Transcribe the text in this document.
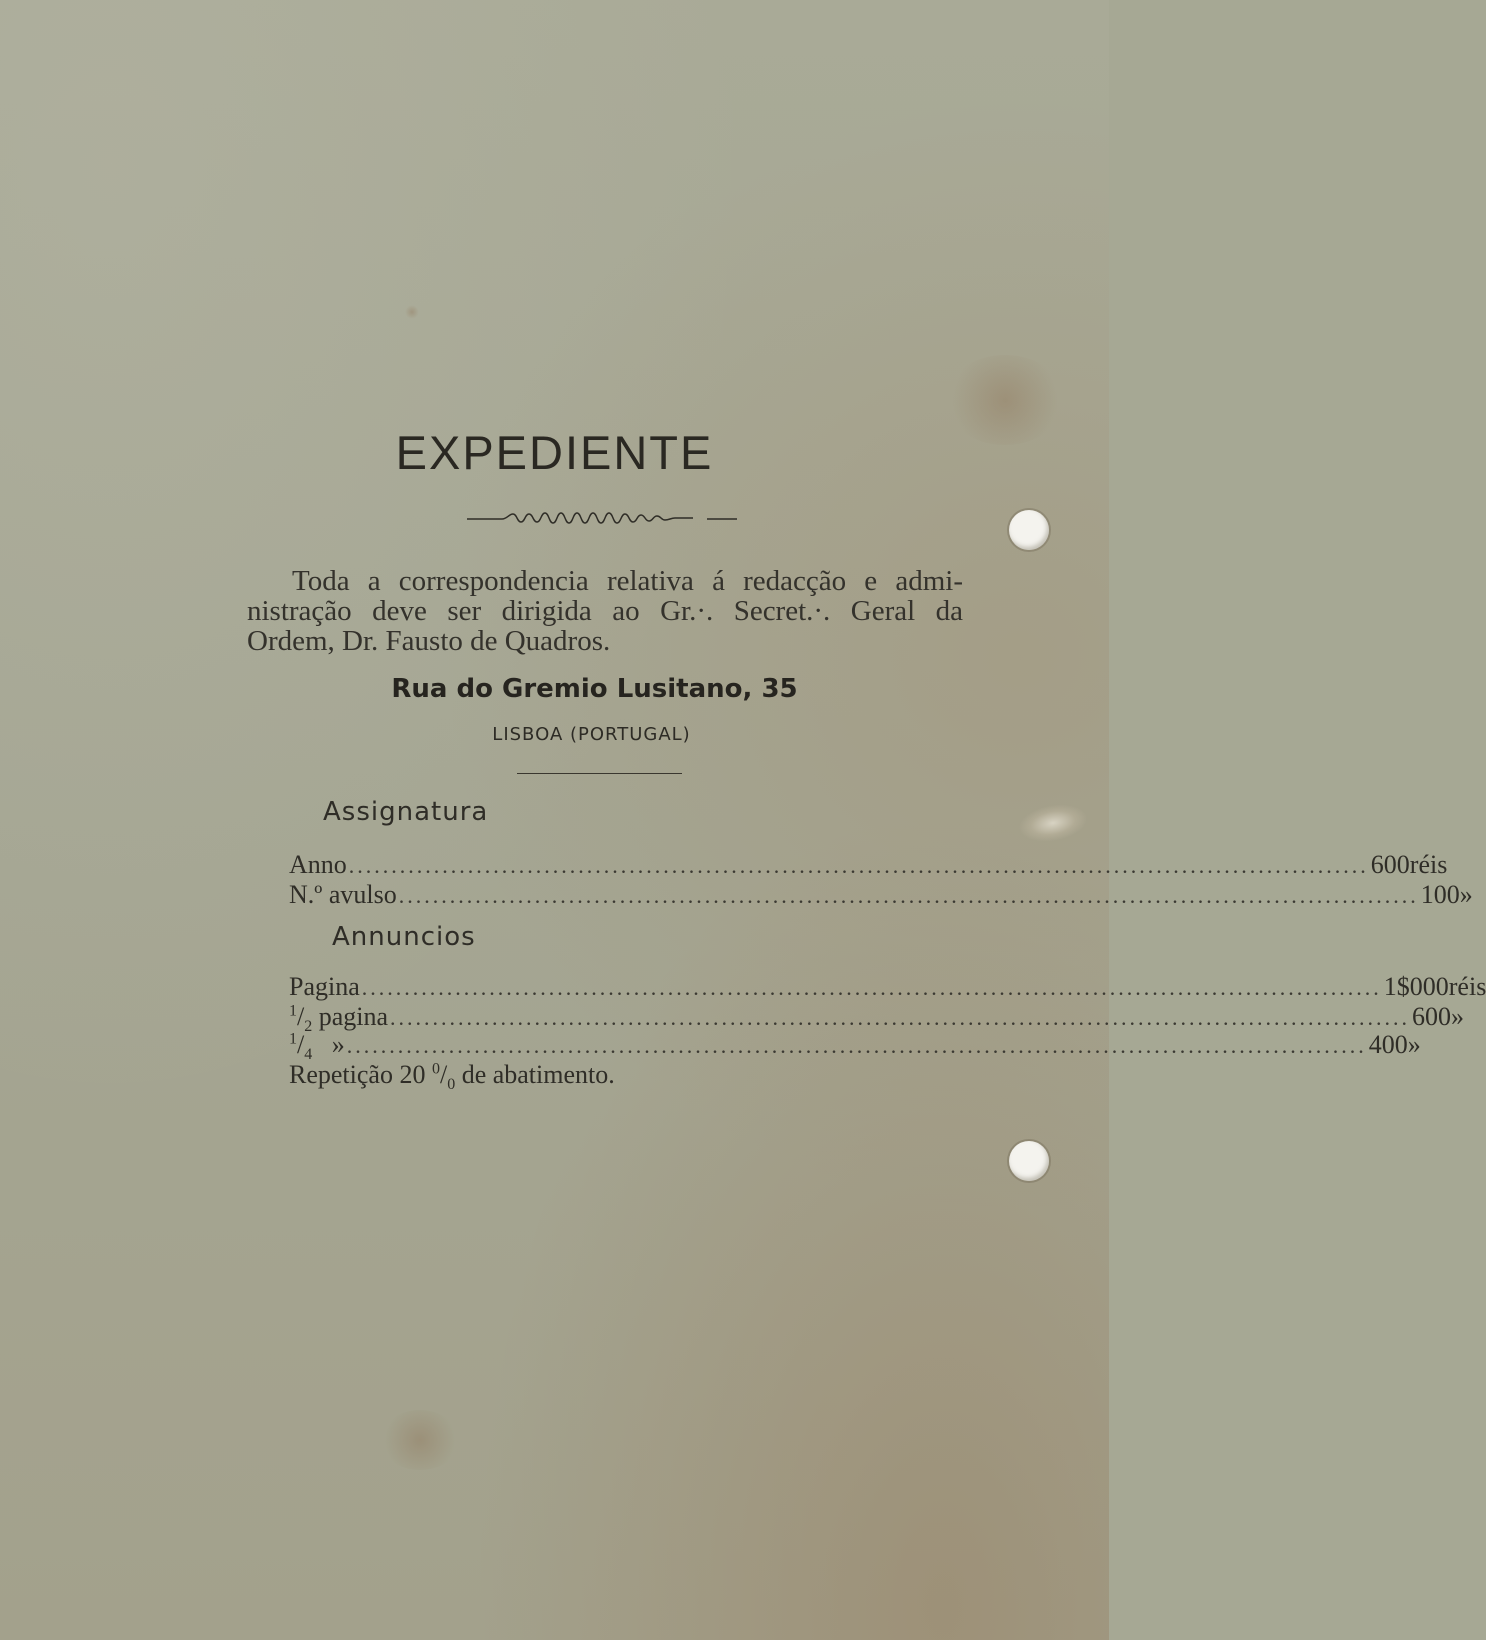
EXPEDIENTE

Toda a correspondencia relativa á redacção e admi-
nistração deve ser dirigida ao Gr.·. Secret.·. Geral da
Ordem, Dr. Fausto de Quadros.

Rua do Gremio Lusitano, 35
LISBOA (PORTUGAL)
Assignatura
Anno ........................................................................................................................ 600 réis
N.º avulso ........................................................................................................................ 100 »
Annuncios
Pagina ........................................................................................................................ 1$000 réis
$^1/_2$ pagina ........................................................................................................................ 600 »
$^1/_4$   » ........................................................................................................................ 400 »
Repetição 20 $^0/_0$ de abatimento.
